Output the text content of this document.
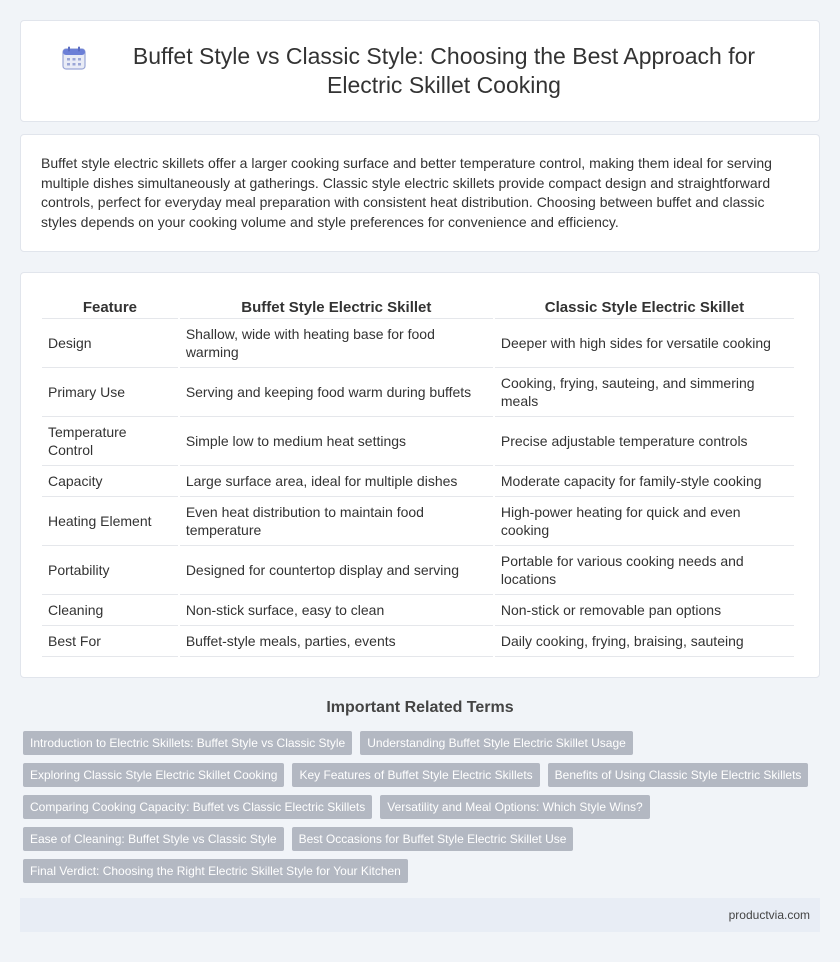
Buffet Style vs Classic Style: Choosing the Best Approach for Electric Skillet Cooking

Buffet style electric skillets offer a larger cooking surface and better temperature control, making them ideal for serving multiple dishes simultaneously at gatherings. Classic style electric skillets provide compact design and straightforward controls, perfect for everyday meal preparation with consistent heat distribution. Choosing between buffet and classic styles depends on your cooking volume and style preferences for convenience and efficiency.

Feature	Buffet Style Electric Skillet	Classic Style Electric Skillet
Design	Shallow, wide with heating base for food warming	Deeper with high sides for versatile cooking
Primary Use	Serving and keeping food warm during buffets	Cooking, frying, sauteing, and simmering meals
Temperature Control	Simple low to medium heat settings	Precise adjustable temperature controls
Capacity	Large surface area, ideal for multiple dishes	Moderate capacity for family-style cooking
Heating Element	Even heat distribution to maintain food temperature	High-power heating for quick and even cooking
Portability	Designed for countertop display and serving	Portable for various cooking needs and locations
Cleaning	Non-stick surface, easy to clean	Non-stick or removable pan options
Best For	Buffet-style meals, parties, events	Daily cooking, frying, braising, sauteing
Important Related Terms
Introduction to Electric Skillets: Buffet Style vs Classic Style	Understanding Buffet Style Electric Skillet Usage
Exploring Classic Style Electric Skillet Cooking	Key Features of Buffet Style Electric Skillets	Benefits of Using Classic Style Electric Skillets
Comparing Cooking Capacity: Buffet vs Classic Electric Skillets	Versatility and Meal Options: Which Style Wins?
Ease of Cleaning: Buffet Style vs Classic Style	Best Occasions for Buffet Style Electric Skillet Use
Final Verdict: Choosing the Right Electric Skillet Style for Your Kitchen
productvia.com
